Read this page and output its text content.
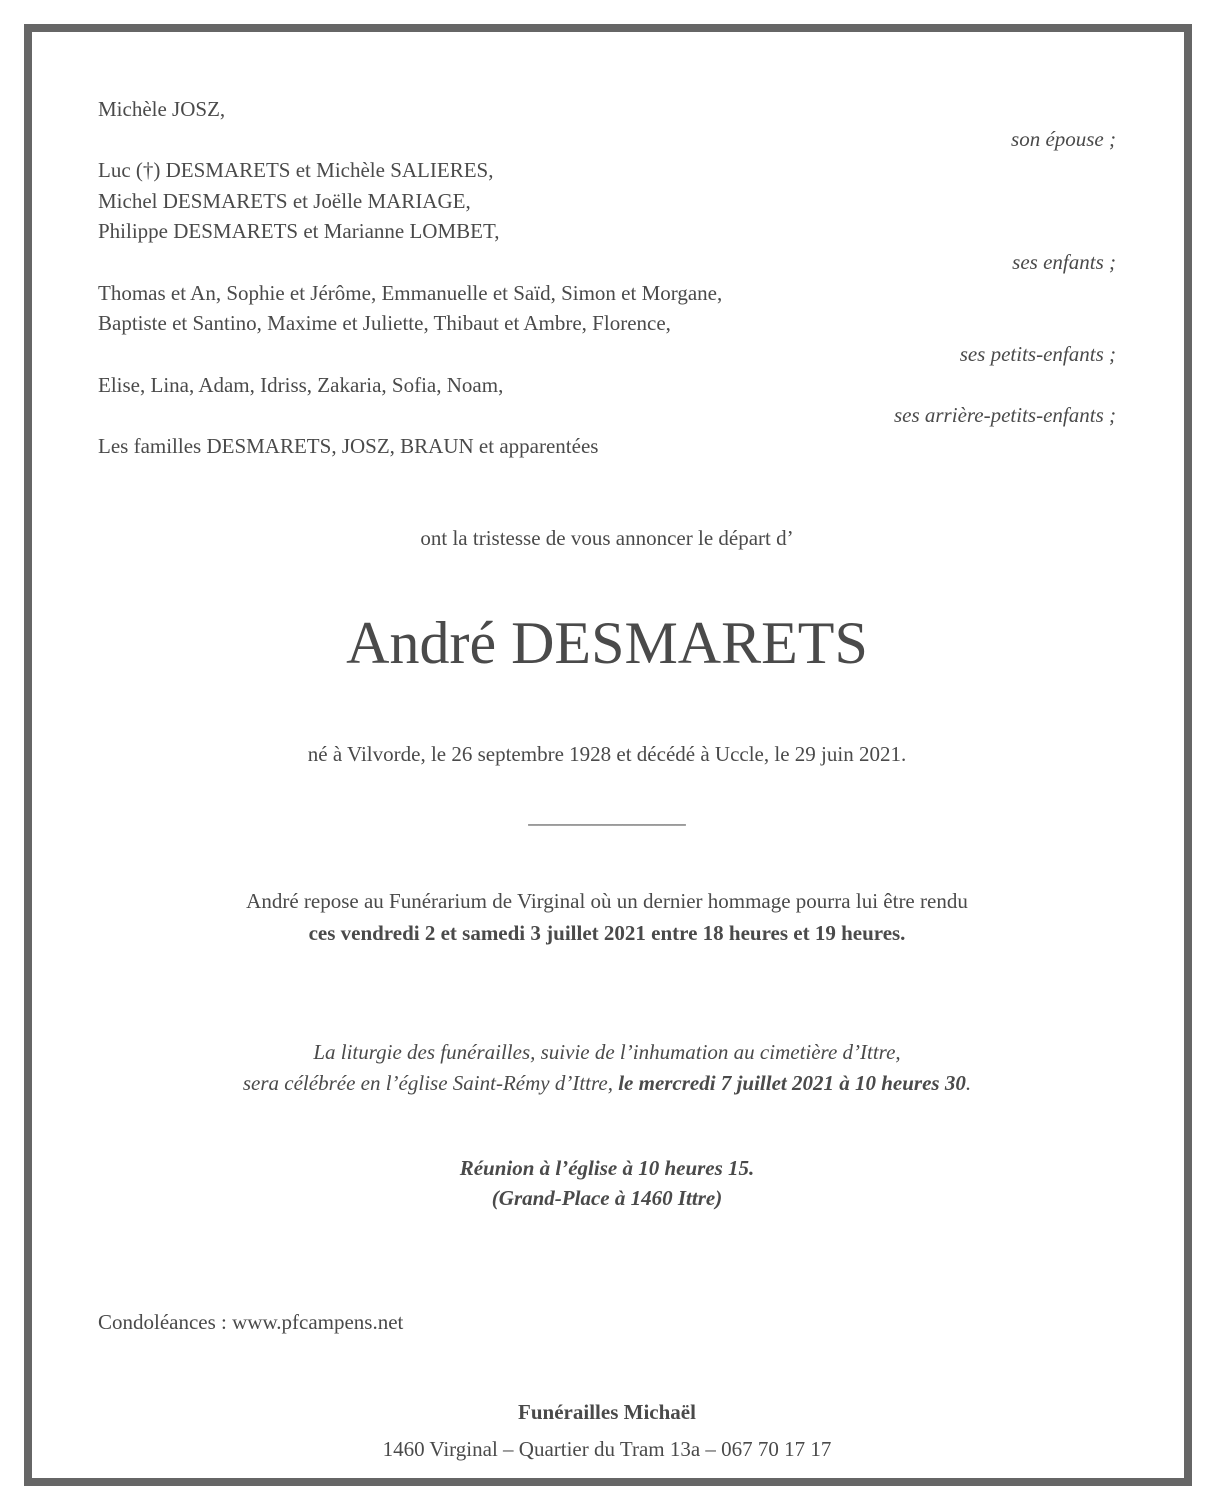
Michèle JOSZ,
son épouse ;
Luc (†) DESMARETS et Michèle SALIERES,
Michel DESMARETS et Joëlle MARIAGE,
Philippe DESMARETS et Marianne LOMBET,
ses enfants ;
Thomas et An, Sophie et Jérôme, Emmanuelle et Saïd, Simon et Morgane,
Baptiste et Santino, Maxime et Juliette, Thibaut et Ambre, Florence,
ses petits-enfants ;
Elise, Lina, Adam, Idriss, Zakaria, Sofia, Noam,
ses arrière-petits-enfants ;
Les familles DESMARETS, JOSZ, BRAUN et apparentées
ont la tristesse de vous annoncer le départ d’
André DESMARETS
né à Vilvorde, le 26 septembre 1928 et décédé à Uccle, le 29 juin 2021.
_______________
André repose au Funérarium de Virginal où un dernier hommage pourra lui être rendu
ces vendredi 2 et samedi 3 juillet 2021 entre 18 heures et 19 heures.
La liturgie des funérailles, suivie de l’inhumation au cimetière d’Ittre,
sera célébrée en l’église Saint-Rémy d’Ittre, le mercredi 7 juillet 2021 à 10 heures 30.
Réunion à l’église à 10 heures 15.
(Grand-Place à 1460 Ittre)
Condoléances : www.pfcampens.net
Funérailles Michaël
1460 Virginal – Quartier du Tram 13a – 067 70 17 17
